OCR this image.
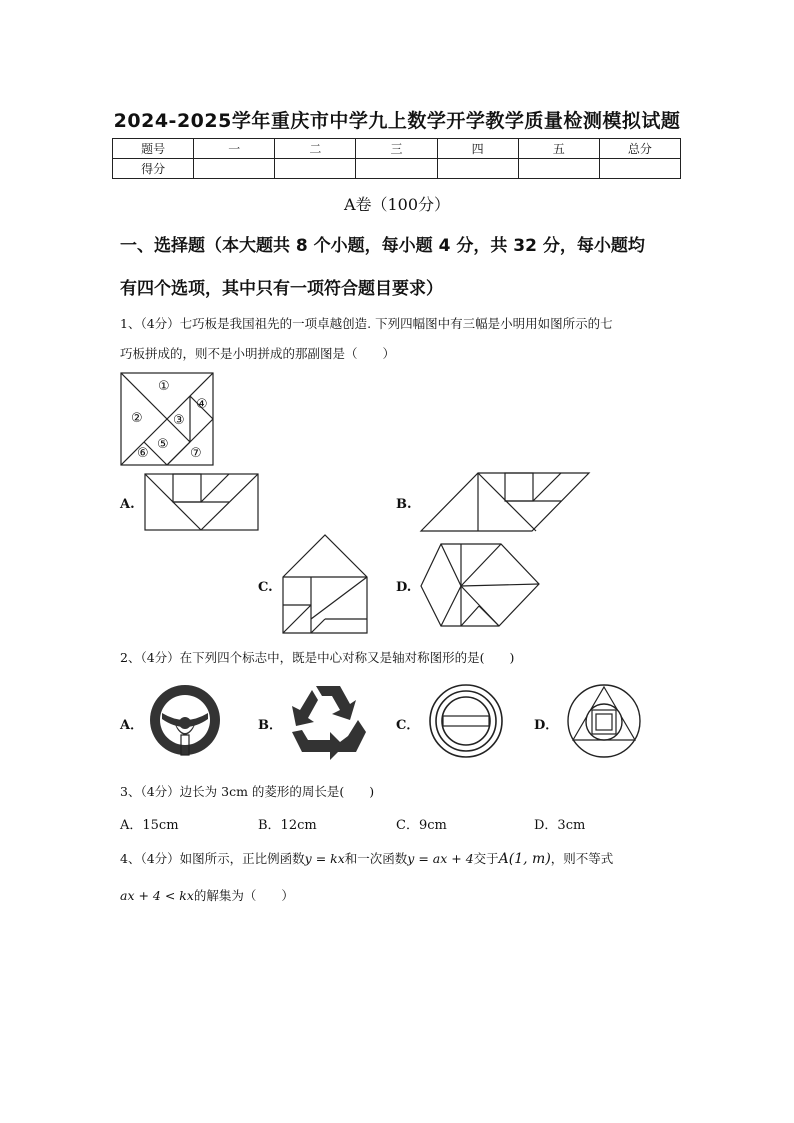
2024-2025学年重庆市中学九上数学开学教学质量检测模拟试题
题号	一	二	三	四	五	总分
得分						
A卷（100分）
一、选择题（本大题共 8 个小题，每小题 4 分，共 32 分，每小题均
有四个选项，其中只有一项符合题目要求）
1、（4分）七巧板是我国祖先的一项卓越创造. 下列四幅图中有三幅是小明用如图所示的七
巧板拼成的，则不是小明拼成的那副图是（　　）
①
② ③
④
⑤
⑥	⑦
A.	B.
C.	D.
2、（4分）在下列四个标志中，既是中心对称又是轴对称图形的是(　　)
A．	B．	C．	D．
3、（4分）边长为 3cm 的菱形的周长是(　　)
A．15cm	B．12cm	C．9cm	D．3cm
4、（4分）如图所示，正比例函数y = kx和一次函数y = ax + 4交于A(1, m)，则不等式
ax + 4 < kx的解集为（　　）
